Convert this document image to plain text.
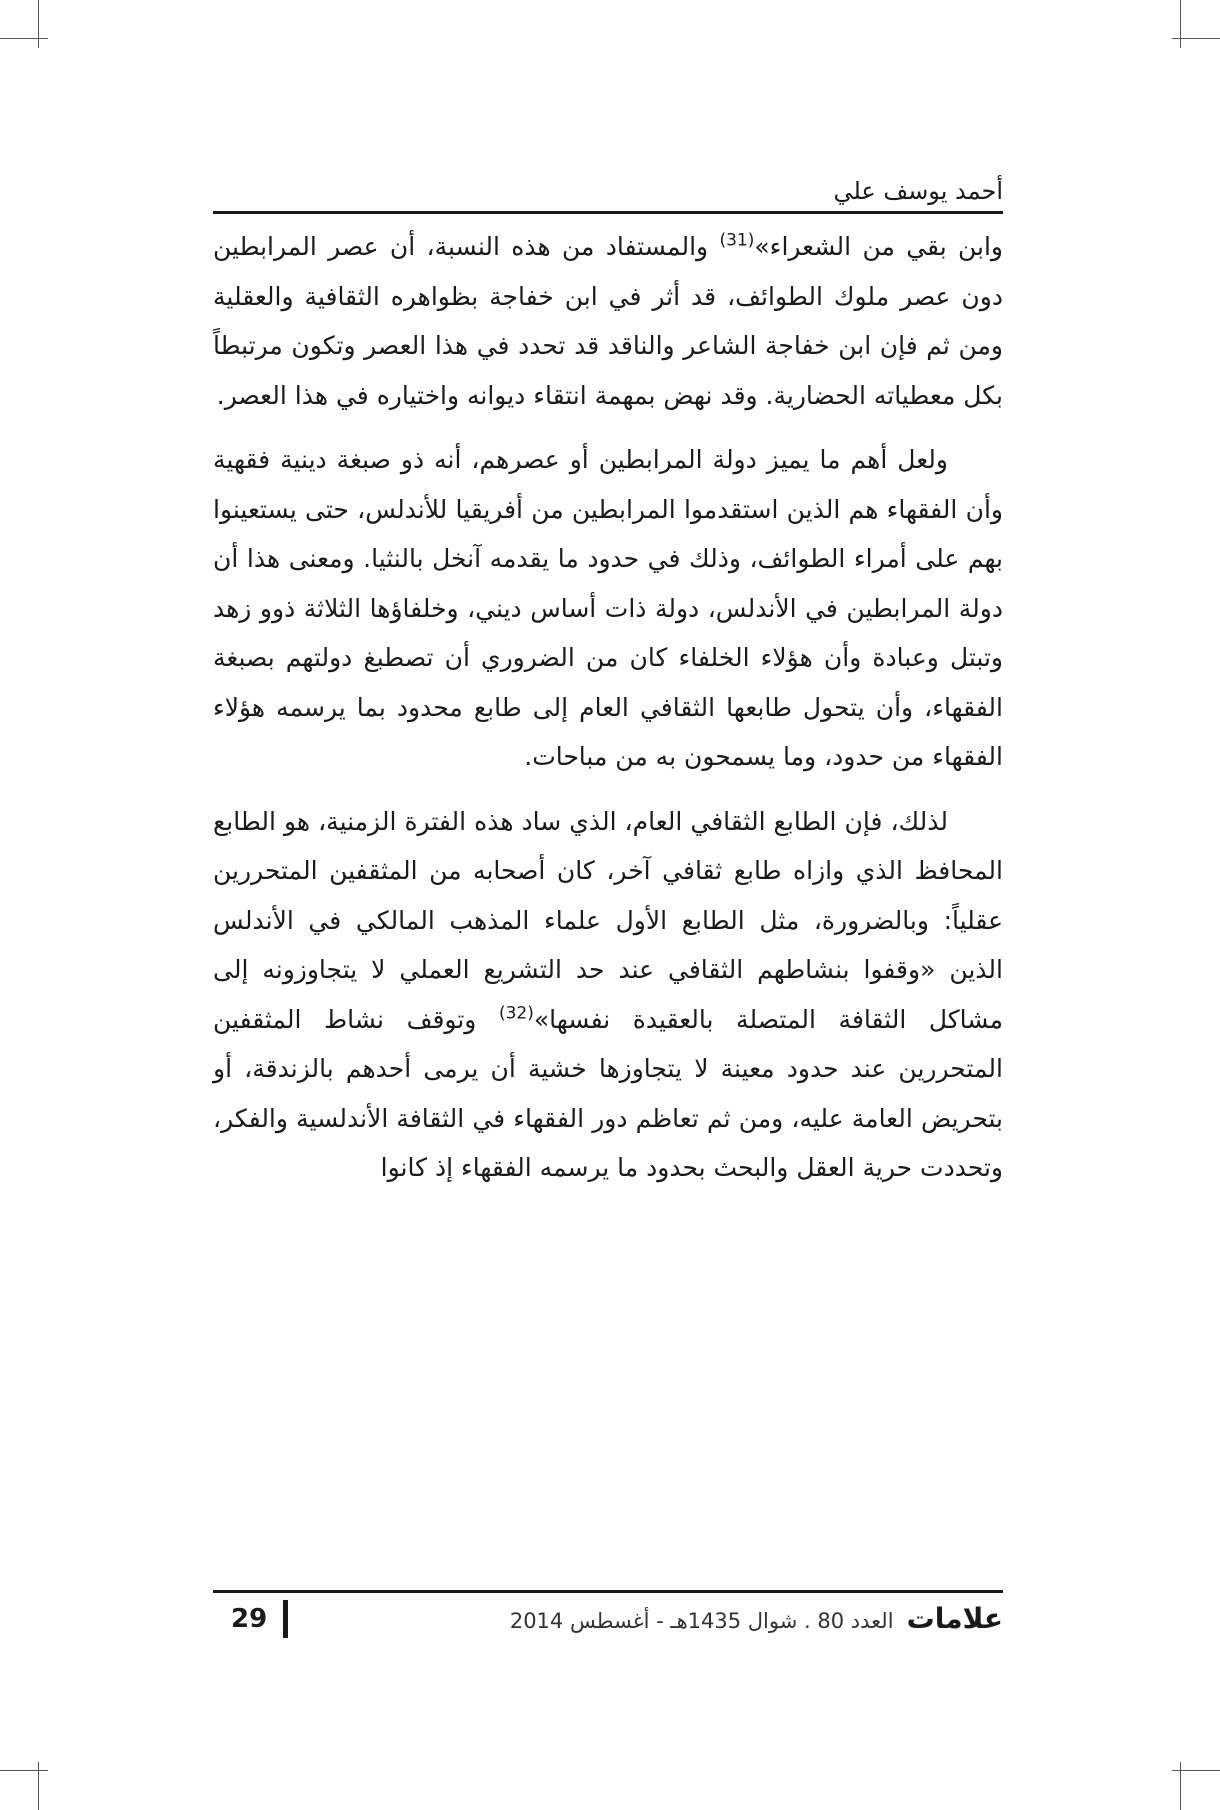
أحمد يوسف علي

وابن بقي من الشعراء»$^{(31)}$ والمستفاد من هذه النسبة، أن عصر المرابطين دون عصر ملوك الطوائف، قد أثر في ابن خفاجة بظواهره الثقافية والعقلية ومن ثم فإن ابن خفاجة الشاعر والناقد قد تحدد في هذا العصر وتكون مرتبطاً بكل معطياته الحضارية. وقد نهض بمهمة انتقاء ديوانه واختياره في هذا العصر.

ولعل أهم ما يميز دولة المرابطين أو عصرهم، أنه ذو صبغة دينية فقهية وأن الفقهاء هم الذين استقدموا المرابطين من أفريقيا للأندلس، حتى يستعينوا بهم على أمراء الطوائف، وذلك في حدود ما يقدمه آنخل بالنثيا. ومعنى هذا أن دولة المرابطين في الأندلس، دولة ذات أساس ديني، وخلفاؤها الثلاثة ذوو زهد وتبتل وعبادة وأن هؤلاء الخلفاء كان من الضروري أن تصطبغ دولتهم بصبغة الفقهاء، وأن يتحول طابعها الثقافي العام إلى طابع محدود بما يرسمه هؤلاء الفقهاء من حدود، وما يسمحون به من مباحات.

لذلك، فإن الطابع الثقافي العام، الذي ساد هذه الفترة الزمنية، هو الطابع المحافظ الذي وازاه طابع ثقافي آخر، كان أصحابه من المثقفين المتحررين عقلياً: وبالضرورة، مثل الطابع الأول علماء المذهب المالكي في الأندلس الذين «وقفوا بنشاطهم الثقافي عند حد التشريع العملي لا يتجاوزونه إلى مشاكل الثقافة المتصلة بالعقيدة نفسها»$^{(32)}$ وتوقف نشاط المثقفين المتحررين عند حدود معينة لا يتجاوزها خشية أن يرمى أحدهم بالزندقة، أو بتحريض العامة عليه، ومن ثم تعاظم دور الفقهاء في الثقافة الأندلسية والفكر، وتحددت حرية العقل والبحث بحدود ما يرسمه الفقهاء إذ كانوا

29	علامات العدد 80 . شوال 1435هـ - أغسطس 2014
